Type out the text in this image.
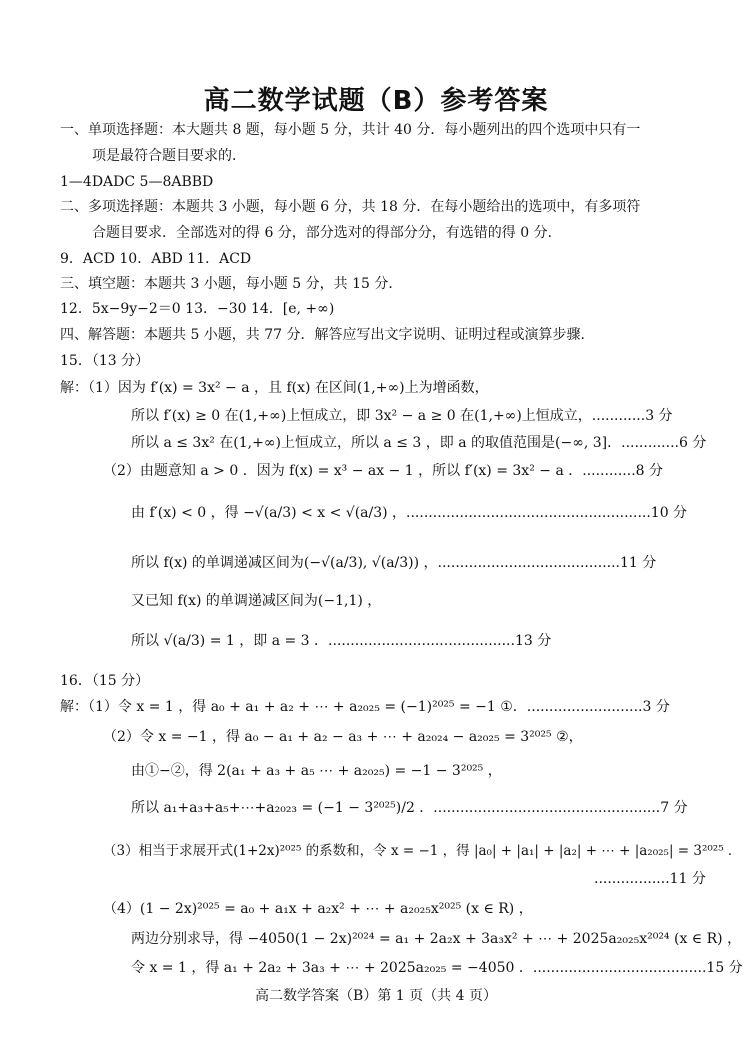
高二数学试题（B）参考答案
一、单项选择题：本大题共 8 题，每小题 5 分，共计 40 分．每小题列出的四个选项中只有一
项是最符合题目要求的．
1—4DADC 5—8ABBD
二、多项选择题：本题共 3 小题，每小题 6 分，共 18 分．在每小题给出的选项中，有多项符
合题目要求．全部选对的得 6 分，部分选对的得部分分，有选错的得 0 分．
9．ACD 10．ABD 11．ACD
三、填空题：本题共 3 小题，每小题 5 分，共 15 分．
12．5x−9y−2＝0 13．−30 14．[e, +∞)
四、解答题：本题共 5 小题，共 77 分．解答应写出文字说明、证明过程或演算步骤．
15．（13 分）
解：（1）因为 f′(x) = 3x² − a ，且 f(x) 在区间(1,+∞)上为增函数，
所以 f′(x) ≥ 0 在(1,+∞)上恒成立，即 3x² − a ≥ 0 在(1,+∞)上恒成立，............3 分
所以 a ≤ 3x² 在(1,+∞)上恒成立，所以 a ≤ 3 ，即 a 的取值范围是(−∞, 3]．.............6 分
（2）由题意知 a > 0 ．因为 f(x) = x³ − ax − 1 ，所以 f′(x) = 3x² − a ．............8 分
由 f′(x) < 0 ，得 −√(a/3) < x < √(a/3) ，.......................................................10 分
所以 f(x) 的单调递减区间为(−√(a/3), √(a/3)) ，.........................................11 分
又已知 f(x) 的单调递减区间为(−1,1) ，
所以 √(a/3) = 1 ，即 a = 3 ．..........................................13 分
16．（15 分）
解：（1）令 x = 1 ，得 a₀ + a₁ + a₂ + ⋯ + a₂₀₂₅ = (−1)²⁰²⁵ = −1 ①．..........................3 分
（2）令 x = −1 ，得 a₀ − a₁ + a₂ − a₃ + ⋯ + a₂₀₂₄ − a₂₀₂₅ = 3²⁰²⁵ ②，
由①−②，得 2(a₁ + a₃ + a₅ ⋯ + a₂₀₂₅) = −1 − 3²⁰²⁵ ，
所以 a₁+a₃+a₅+⋯+a₂₀₂₃ = (−1 − 3²⁰²⁵)/2 ．...................................................7 分
（3）相当于求展开式(1+2x)²⁰²⁵ 的系数和，令 x = −1 ，得 |a₀| + |a₁| + |a₂| + ⋯ + |a₂₀₂₅| = 3²⁰²⁵ ．
.................11 分
（4）(1 − 2x)²⁰²⁵ = a₀ + a₁x + a₂x² + ⋯ + a₂₀₂₅x²⁰²⁵ (x ∈ R) ，
两边分别求导，得 −4050(1 − 2x)²⁰²⁴ = a₁ + 2a₂x + 3a₃x² + ⋯ + 2025a₂₀₂₅x²⁰²⁴ (x ∈ R) ，
令 x = 1 ，得 a₁ + 2a₂ + 3a₃ + ⋯ + 2025a₂₀₂₅ = −4050 ．.......................................15 分
高二数学答案（B）第 1 页（共 4 页）
